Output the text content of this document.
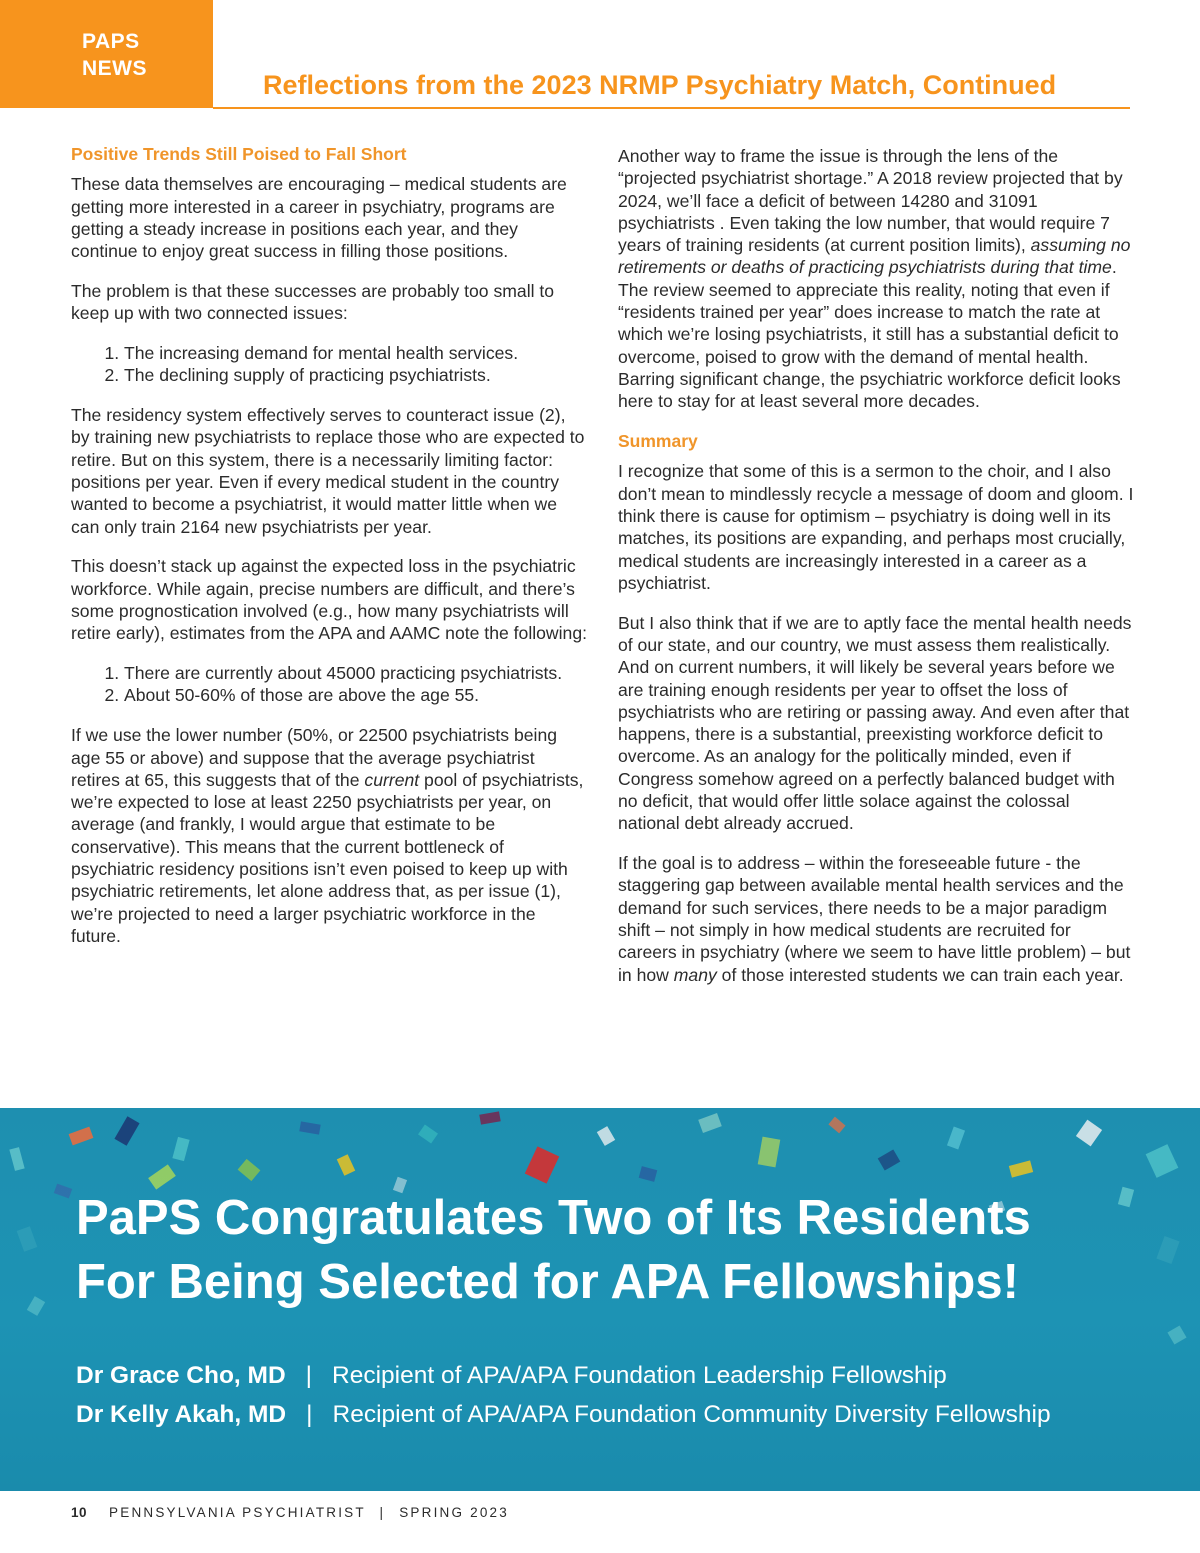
PAPS
NEWS
Reflections from the 2023 NRMP Psychiatry Match, Continued
Positive Trends Still Poised to Fall Short

These data themselves are encouraging – medical students are getting more interested in a career in psychiatry, programs are getting a steady increase in positions each year, and they continue to enjoy great success in filling those positions.

The problem is that these successes are probably too small to keep up with two connected issues:

1. The increasing demand for mental health services.
2. The declining supply of practicing psychiatrists.

The residency system effectively serves to counteract issue (2), by training new psychiatrists to replace those who are expected to retire. But on this system, there is a necessarily limiting factor: positions per year. Even if every medical student in the country wanted to become a psychiatrist, it would matter little when we can only train 2164 new psychiatrists per year.

This doesn’t stack up against the expected loss in the psychiatric workforce. While again, precise numbers are difficult, and there’s some prognostication involved (e.g., how many psychiatrists will retire early), estimates from the APA and AAMC note the following:

1. There are currently about 45000 practicing psychiatrists.
2. About 50-60% of those are above the age 55.

If we use the lower number (50%, or 22500 psychiatrists being age 55 or above) and suppose that the average psychiatrist retires at 65, this suggests that of the current pool of psychiatrists, we’re expected to lose at least 2250 psychiatrists per year, on average (and frankly, I would argue that estimate to be conservative). This means that the current bottleneck of psychiatric residency positions isn’t even poised to keep up with psychiatric retirements, let alone address that, as per issue (1), we’re projected to need a larger psychiatric workforce in the future.

Another way to frame the issue is through the lens of the “projected psychiatrist shortage.” A 2018 review projected that by 2024, we’ll face a deficit of between 14280 and 31091 psychiatrists . Even taking the low number, that would require 7 years of training residents (at current position limits), assuming no retirements or deaths of practicing psychiatrists during that time. The review seemed to appreciate this reality, noting that even if “residents trained per year” does increase to match the rate at which we’re losing psychiatrists, it still has a substantial deficit to overcome, poised to grow with the demand of mental health. Barring significant change, the psychiatric workforce deficit looks here to stay for at least several more decades.

Summary

I recognize that some of this is a sermon to the choir, and I also don’t mean to mindlessly recycle a message of doom and gloom. I think there is cause for optimism – psychiatry is doing well in its matches, its positions are expanding, and perhaps most crucially, medical students are increasingly interested in a career as a psychiatrist.

But I also think that if we are to aptly face the mental health needs of our state, and our country, we must assess them realistically. And on current numbers, it will likely be several years before we are training enough residents per year to offset the loss of psychiatrists who are retiring or passing away. And even after that happens, there is a substantial, preexisting workforce deficit to overcome. As an analogy for the politically minded, even if Congress somehow agreed on a perfectly balanced budget with no deficit, that would offer little solace against the colossal national debt already accrued.

If the goal is to address – within the foreseeable future - the staggering gap between available mental health services and the demand for such services, there needs to be a major paradigm shift – not simply in how medical students are recruited for careers in psychiatry (where we seem to have little problem) – but in how many of those interested students we can train each year.

PaPS Congratulates Two of Its Residents
For Being Selected for APA Fellowships!
Dr Grace Cho, MD | Recipient of APA/APA Foundation Leadership Fellowship
Dr Kelly Akah, MD | Recipient of APA/APA Foundation Community Diversity Fellowship
10 PENNSYLVANIA PSYCHIATRIST | SPRING 2023
